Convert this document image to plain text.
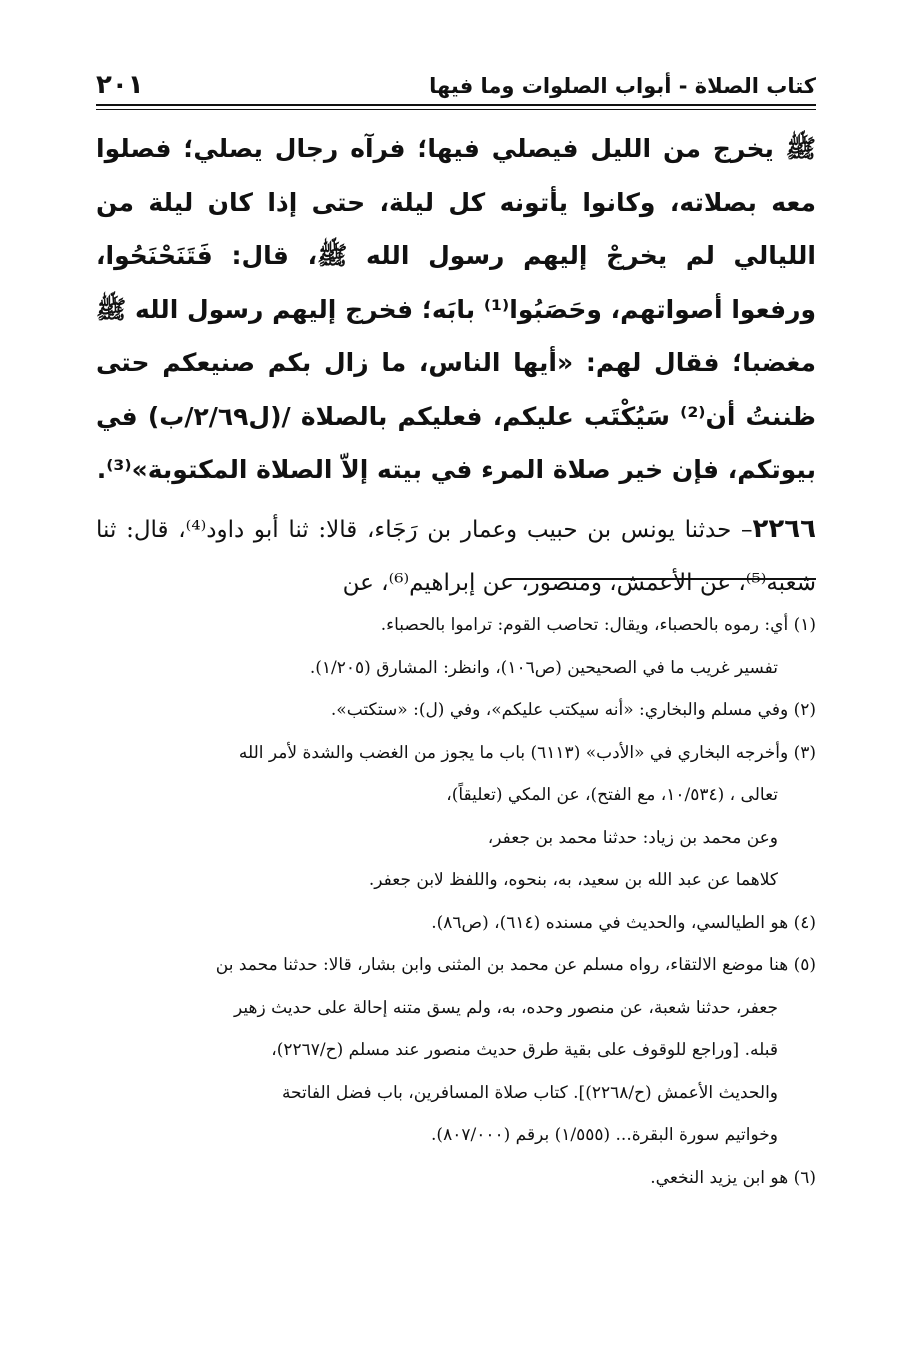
كتاب الصلاة - أبواب الصلوات وما فيها
٢٠١

ﷺ يخرج من الليل فيصلي فيها؛ فرآه رجال يصلي؛ فصلوا معه بصلاته، وكانوا يأتونه كل ليلة، حتى إذا كان ليلة من الليالي لم يخرجْ إليهم رسول الله ﷺ، قال: فَتَنَحْنَحُوا، ورفعوا أصواتهم، وحَصَبُوا⁽¹⁾ بابَه؛ فخرج إليهم رسول الله ﷺ مغضبا؛ فقال لهم: «أيها الناس، ما زال بكم صنيعكم حتى ظننتُ أن⁽²⁾ سَيُكْتَب عليكم، فعليكم بالصلاة /(ل٢/٦٩/ب) في بيوتكم، فإن خير صلاة المرء في بيته إلاّ الصلاة المكتوبة»⁽³⁾.

٢٢٦٦– حدثنا يونس بن حبيب وعمار بن رَجَاء، قالا: ثنا أبو داود⁽⁴⁾، قال: ثنا شعبة⁽⁵⁾، عن الأعمش، ومنصور، عن إبراهيم⁽⁶⁾، عن

(١) أي: رموه بالحصباء، ويقال: تحاصب القوم: تراموا بالحصباء.

تفسير غريب ما في الصحيحين (ص١٠٦)، وانظر: المشارق (١/٢٠٥).

(٢) وفي مسلم والبخاري: «أنه سيكتب عليكم»، وفي (ل): «ستكتب».

(٣) وأخرجه البخاري في «الأدب» (٦١١٣) باب ما يجوز من الغضب والشدة لأمر الله

تعالى ، (١٠/٥٣٤، مع الفتح)، عن المكي (تعليقاً)،

وعن محمد بن زياد: حدثنا محمد بن جعفر،

كلاهما عن عبد الله بن سعيد، به، بنحوه، واللفظ لابن جعفر.

(٤) هو الطيالسي، والحديث في مسنده (٦١٤)، (ص٨٦).

(٥) هنا موضع الالتقاء، رواه مسلم عن محمد بن المثنى وابن بشار، قالا: حدثنا محمد بن

جعفر، حدثنا شعبة، عن منصور وحده، به، ولم يسق متنه إحالة على حديث زهير

قبله. [وراجع للوقوف على بقية طرق حديث منصور عند مسلم (ح/٢٢٦٧)،

والحديث الأعمش (ح/٢٢٦٨)]. كتاب صلاة المسافرين، باب فضل الفاتحة

وخواتيم سورة البقرة... (١/٥٥٥) برقم (٨٠٧/٠٠٠).

(٦) هو ابن يزيد النخعي.
